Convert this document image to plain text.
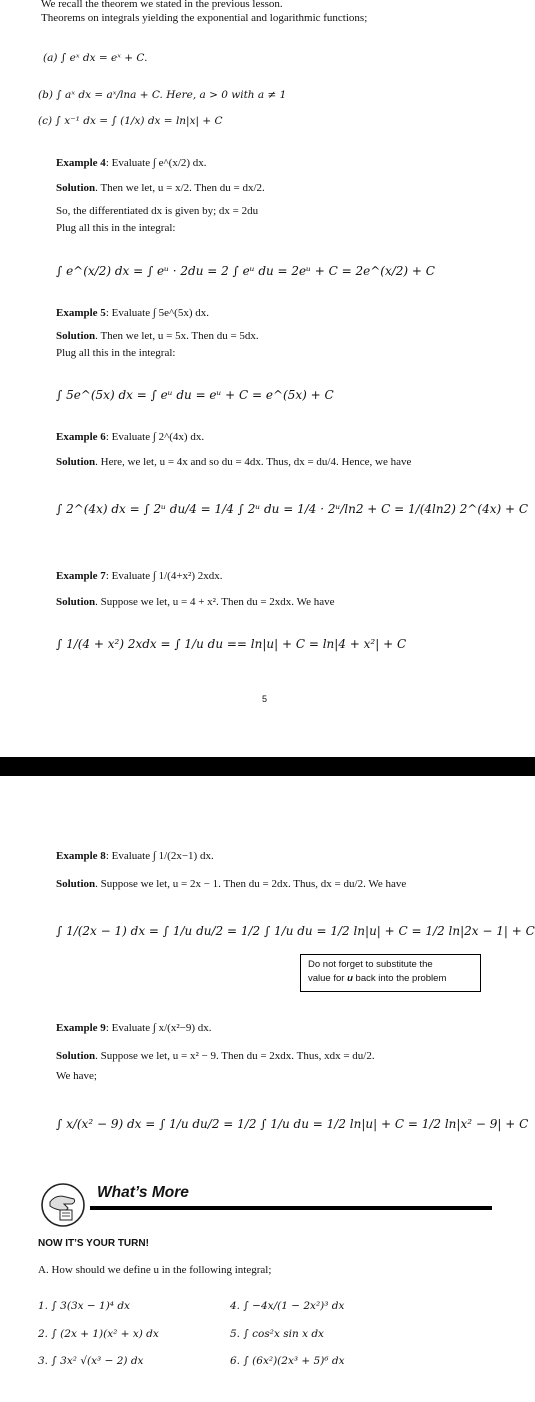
We recall the theorem we stated in the previous lesson.
Theorems on integrals yielding the exponential and logarithmic functions;
(a) ∫ eˣ dx = eˣ + C.
(b) ∫ aˣ dx = aˣ/lna + C. Here, a > 0 with a ≠ 1
(c) ∫ x⁻¹ dx = ∫ (1/x) dx = ln|x| + C
Example 4: Evaluate ∫ e^(x/2) dx.
Solution. Then we let, u = x/2. Then du = dx/2.
So, the differentiated dx is given by; dx = 2du
Plug all this in the integral:
∫ e^(x/2) dx = ∫ eᵘ · 2du = 2 ∫ eᵘ du = 2eᵘ + C = 2e^(x/2) + C
Example 5: Evaluate ∫ 5e^(5x) dx.
Solution. Then we let, u = 5x. Then du = 5dx.
Plug all this in the integral:
∫ 5e^(5x) dx = ∫ eᵘ du = eᵘ + C = e^(5x) + C
Example 6: Evaluate ∫ 2^(4x) dx.
Solution. Here, we let, u = 4x and so du = 4dx. Thus, dx = du/4. Hence, we have
∫ 2^(4x) dx = ∫ 2ᵘ du/4 = 1/4 ∫ 2ᵘ du = 1/4 · 2ᵘ/ln2 + C = 1/(4ln2) 2^(4x) + C
Example 7: Evaluate ∫ 1/(4+x²) 2xdx.
Solution. Suppose we let, u = 4 + x². Then du = 2xdx. We have
∫ 1/(4 + x²) 2xdx = ∫ 1/u du == ln|u| + C = ln|4 + x²| + C
5
Example 8: Evaluate ∫ 1/(2x−1) dx.
Solution. Suppose we let, u = 2x − 1. Then du = 2dx. Thus, dx = du/2. We have
∫ 1/(2x − 1) dx = ∫ 1/u du/2 = 1/2 ∫ 1/u du = 1/2 ln|u| + C = 1/2 ln|2x − 1| + C
Do not forget to substitute the
value for u back into the problem
Example 9: Evaluate ∫ x/(x²−9) dx.
Solution. Suppose we let, u = x² − 9. Then du = 2xdx. Thus, xdx = du/2.
We have;
∫ x/(x² − 9) dx = ∫ 1/u du/2 = 1/2 ∫ 1/u du = 1/2 ln|u| + C = 1/2 ln|x² − 9| + C
What’s More
NOW IT’S YOUR TURN!
A. How should we define u in the following integral;
1. ∫ 3(3x − 1)⁴ dx
2. ∫ (2x + 1)(x² + x) dx
3. ∫ 3x² √(x³ − 2) dx
4. ∫ −4x/(1 − 2x²)³ dx
5. ∫ cos²x sin x dx
6. ∫ (6x²)(2x³ + 5)⁶ dx
